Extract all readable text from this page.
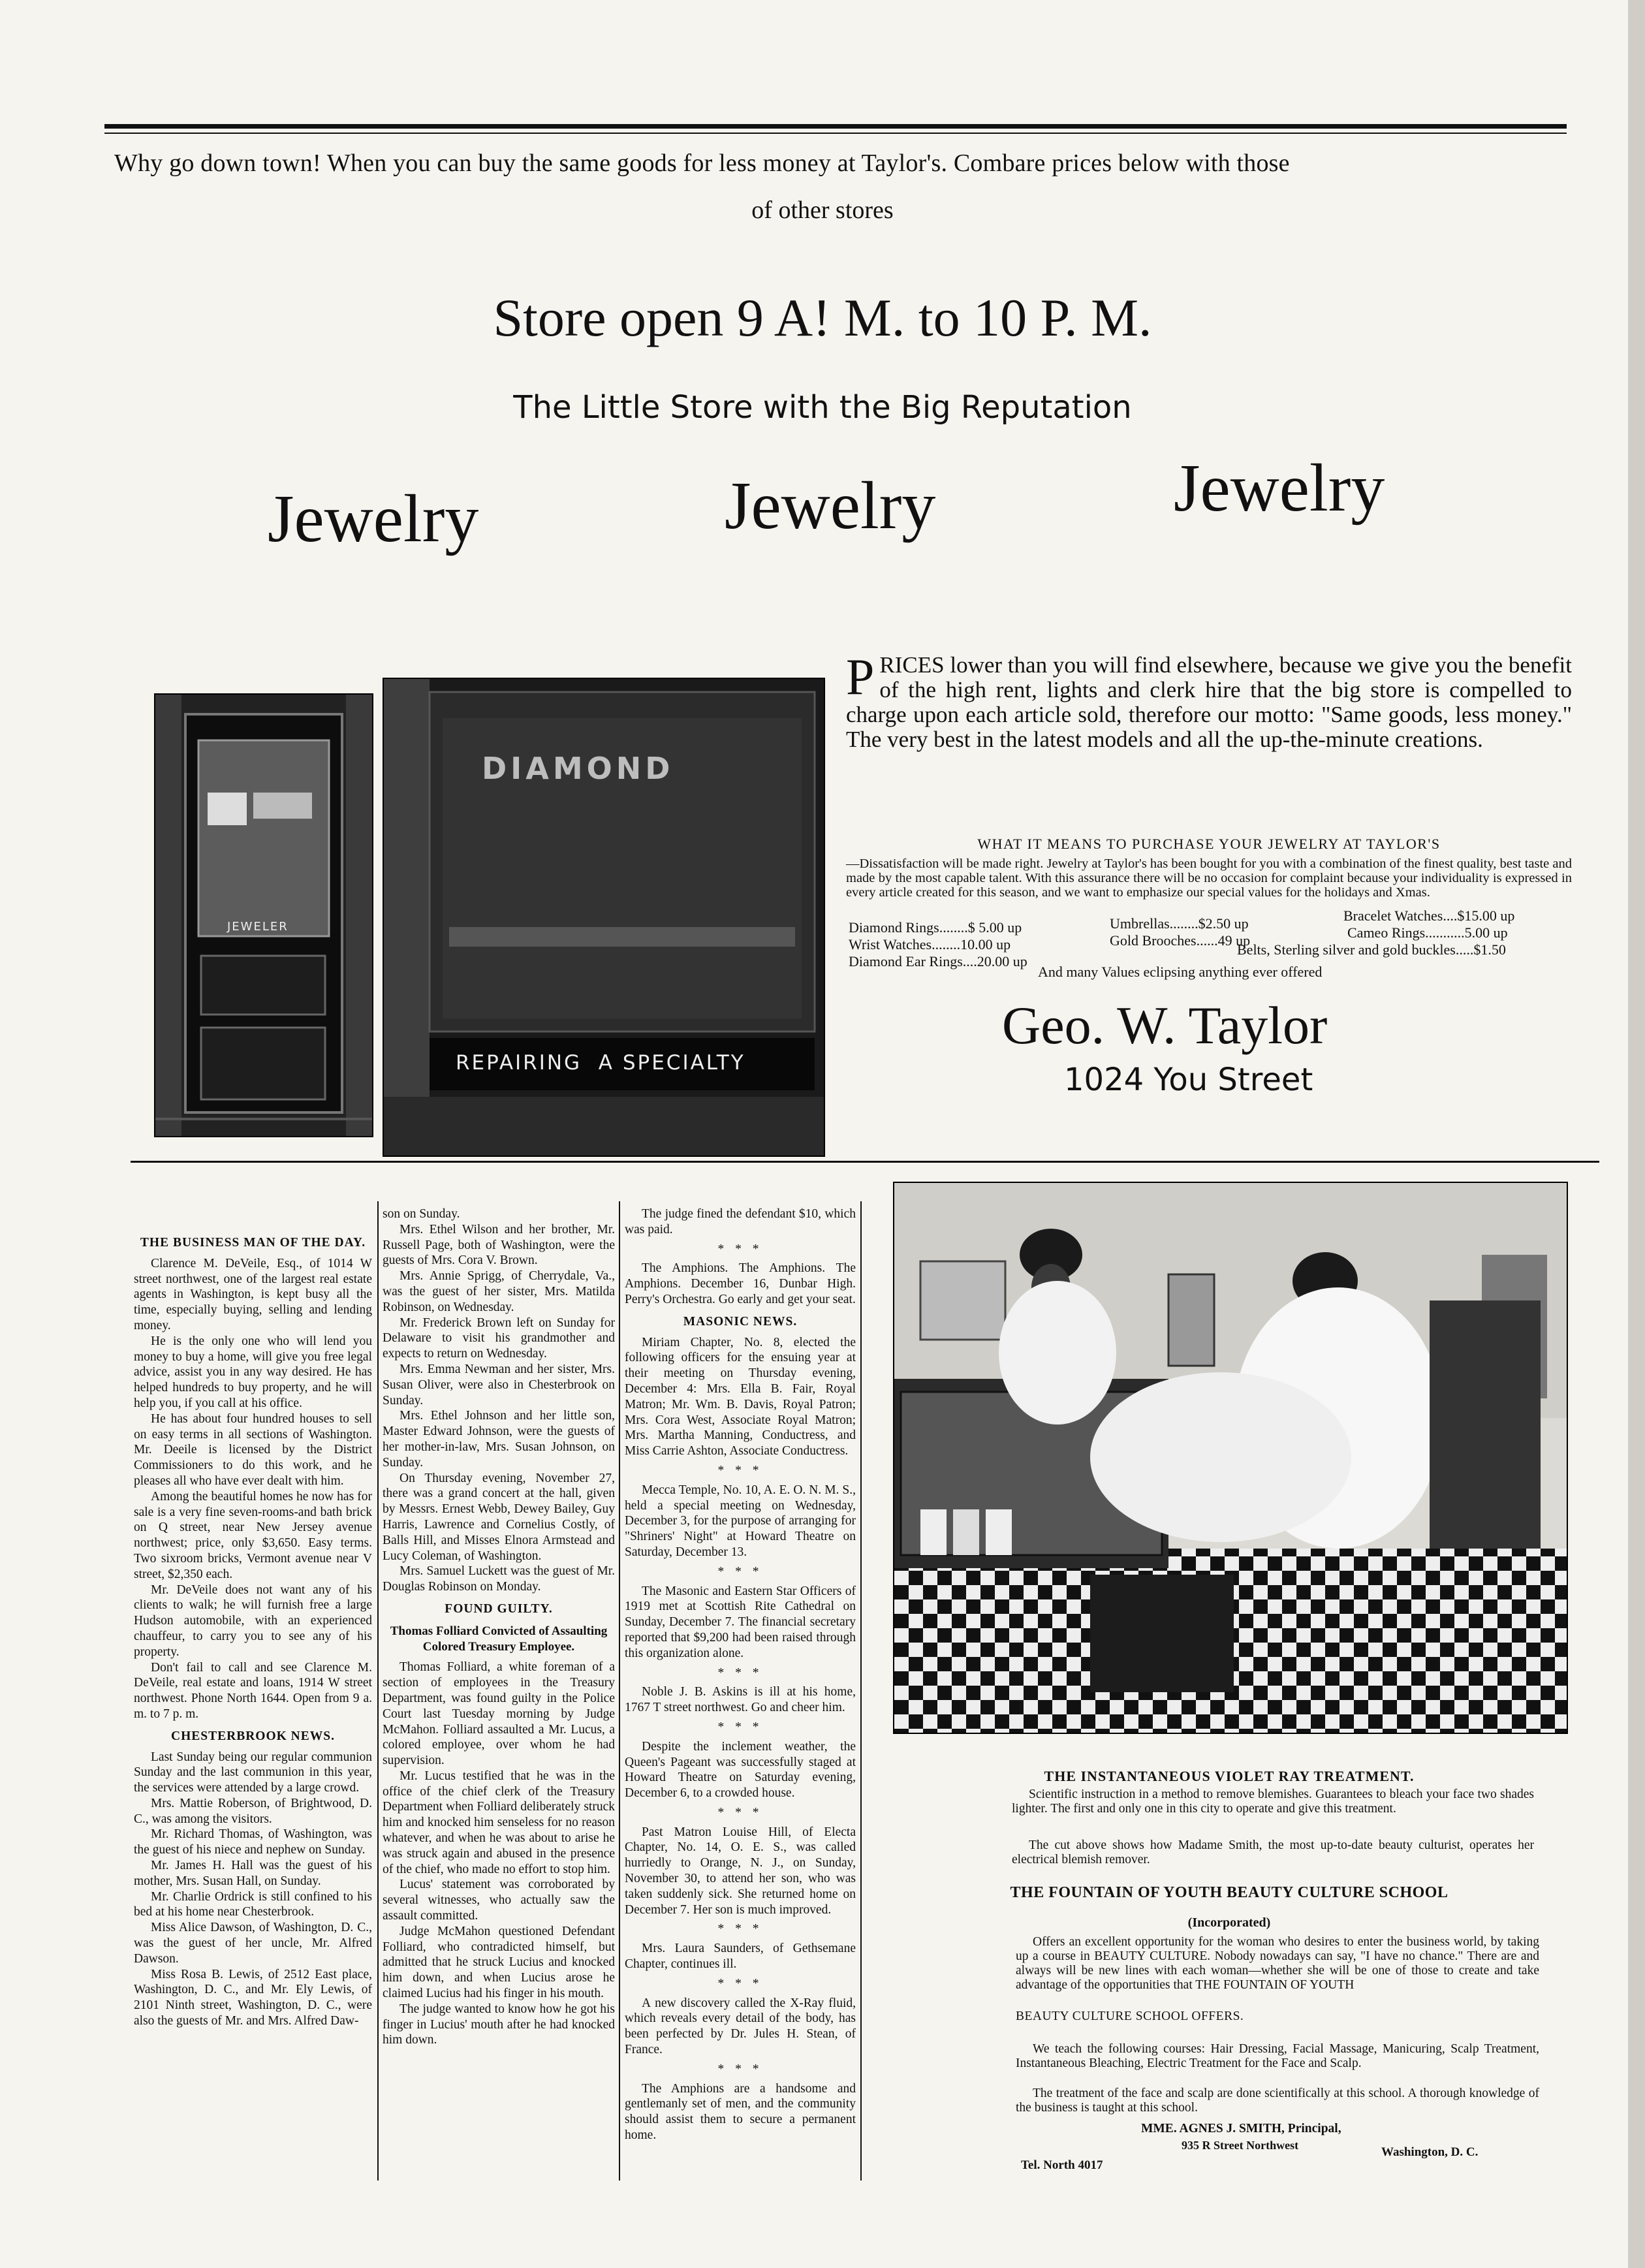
Why go down town! When you can buy the same goods for less money at Taylor's. Combare prices below with those
of other stores
Store open 9 A! M. to 10 P. M.
The Little Store with the Big Reputation
Jewelry	Jewelry	Jewelry
JEWELER
DIAMOND
REPAIRING  A SPECIALTY
P RICES lower than you will find elsewhere, because we give you the benefit of the high rent, lights and clerk hire that the big store is compelled to charge upon each article sold, therefore our motto: "Same goods, less money." The very best in the latest models and all the up-the-minute creations.
WHAT IT MEANS TO PURCHASE YOUR JEWELRY AT TAYLOR'S
—Dissatisfaction will be made right. Jewelry at Taylor's has been bought for you with a combination of the finest quality, best taste and made by the most capable talent. With this assurance there will be no occasion for complaint because your individuality is expressed in every article created for this season, and we want to emphasize our special values for the holidays and Xmas.
Diamond Rings........$ 5.00 up	Umbrellas........$2.50 up	Bracelet Watches....$15.00 up
Wrist Watches........10.00 up	Gold Brooches......49 up	Cameo Rings...........5.00 up
Diamond Ear Rings....20.00 up
Belts, Sterling silver and gold buckles.....$1.50
And many Values eclipsing anything ever offered
Geo. W. Taylor
1024 You Street

THE BUSINESS MAN OF THE DAY.

Clarence M. DeVeile, Esq., of 1014 W street northwest, one of the largest real estate agents in Washington, is kept busy all the time, especially buying, selling and lending money.

He is the only one who will lend you money to buy a home, will give you free legal advice, assist you in any way desired. He has helped hundreds to buy property, and he will help you, if you call at his office.

He has about four hundred houses to sell on easy terms in all sections of Washington. Mr. Deeile is licensed by the District Commissioners to do this work, and he pleases all who have ever dealt with him.

Among the beautiful homes he now has for sale is a very fine seven-rooms-and bath brick on Q street, near New Jersey avenue northwest; price, only $3,650. Easy terms. Two sixroom bricks, Vermont avenue near V street, $2,350 each.

Mr. DeVeile does not want any of his clients to walk; he will furnish free a large Hudson automobile, with an experienced chauffeur, to carry you to see any of his property.

Don't fail to call and see Clarence M. DeVeile, real estate and loans, 1914 W street northwest. Phone North 1644. Open from 9 a. m. to 7 p. m.

CHESTERBROOK NEWS.

Last Sunday being our regular communion Sunday and the last communion in this year, the services were attended by a large crowd.

Mrs. Mattie Roberson, of Brightwood, D. C., was among the visitors.

Mr. Richard Thomas, of Washington, was the guest of his niece and nephew on Sunday.

Mr. James H. Hall was the guest of his mother, Mrs. Susan Hall, on Sunday.

Mr. Charlie Ordrick is still confined to his bed at his home near Chesterbrook.

Miss Alice Dawson, of Washington, D. C., was the guest of her uncle, Mr. Alfred Dawson.

Miss Rosa B. Lewis, of 2512 East place, Washington, D. C., and Mr. Ely Lewis, of 2101 Ninth street, Washington, D. C., were also the guests of Mr. and Mrs. Alfred Daw-

son on Sunday.

Mrs. Ethel Wilson and her brother, Mr. Russell Page, both of Washington, were the guests of Mrs. Cora V. Brown.

Mrs. Annie Sprigg, of Cherrydale, Va., was the guest of her sister, Mrs. Matilda Robinson, on Wednesday.

Mr. Frederick Brown left on Sunday for Delaware to visit his grandmother and expects to return on Wednesday.

Mrs. Emma Newman and her sister, Mrs. Susan Oliver, were also in Chesterbrook on Sunday.

Mrs. Ethel Johnson and her little son, Master Edward Johnson, were the guests of her mother-in-law, Mrs. Susan Johnson, on Sunday.

On Thursday evening, November 27, there was a grand concert at the hall, given by Messrs. Ernest Webb, Dewey Bailey, Guy Harris, Lawrence and Cornelius Costly, of Balls Hill, and Misses Elnora Armstead and Lucy Coleman, of Washington.

Mrs. Samuel Luckett was the guest of Mr. Douglas Robinson on Monday.

FOUND GUILTY.

Thomas Folliard Convicted of Assaulting Colored Treasury Employee.

Thomas Folliard, a white foreman of a section of employees in the Treasury Department, was found guilty in the Police Court last Tuesday morning by Judge McMahon. Folliard assaulted a Mr. Lucus, a colored employee, over whom he had supervision.

Mr. Lucus testified that he was in the office of the chief clerk of the Treasury Department when Folliard deliberately struck him and knocked him senseless for no reason whatever, and when he was about to arise he was struck again and abused in the presence of the chief, who made no effort to stop him.

Lucus' statement was corroborated by several witnesses, who actually saw the assault committed.

Judge McMahon questioned Defendant Folliard, who contradicted himself, but admitted that he struck Lucius and knocked him down, and when Lucius arose he claimed Lucius had his finger in his mouth.

The judge wanted to know how he got his finger in Lucius' mouth after he had knocked him down.

The judge fined the defendant $10, which was paid.

* * *

The Amphions. The Amphions. The Amphions. December 16, Dunbar High. Perry's Orchestra. Go early and get your seat.

MASONIC NEWS.

Miriam Chapter, No. 8, elected the following officers for the ensuing year at their meeting on Thursday evening, December 4: Mrs. Ella B. Fair, Royal Matron; Mr. Wm. B. Davis, Royal Patron; Mrs. Cora West, Associate Royal Matron; Mrs. Martha Manning, Conductress, and Miss Carrie Ashton, Associate Conductress.

* * *

Mecca Temple, No. 10, A. E. O. N. M. S., held a special meeting on Wednesday, December 3, for the purpose of arranging for "Shriners' Night" at Howard Theatre on Saturday, December 13.

* * *

The Masonic and Eastern Star Officers of 1919 met at Scottish Rite Cathedral on Sunday, December 7. The financial secretary reported that $9,200 had been raised through this organization alone.

* * *

Noble J. B. Askins is ill at his home, 1767 T street northwest. Go and cheer him.

* * *

Despite the inclement weather, the Queen's Pageant was successfully staged at Howard Theatre on Saturday evening, December 6, to a crowded house.

* * *

Past Matron Louise Hill, of Electa Chapter, No. 14, O. E. S., was called hurriedly to Orange, N. J., on Sunday, November 30, to attend her son, who was taken suddenly sick. She returned home on December 7. Her son is much improved.

* * *

Mrs. Laura Saunders, of Gethsemane Chapter, continues ill.

* * *

A new discovery called the X-Ray fluid, which reveals every detail of the body, has been perfected by Dr. Jules H. Stean, of France.

* * *

The Amphions are a handsome and gentlemanly set of men, and the community should assist them to secure a permanent home.

THE INSTANTANEOUS VIOLET RAY TREATMENT.
Scientific instruction in a method to remove blemishes. Guarantees to bleach your face two shades lighter. The first and only one in this city to operate and give this treatment.
The cut above shows how Madame Smith, the most up-to-date beauty culturist, operates her electrical blemish remover.
THE FOUNTAIN OF YOUTH BEAUTY CULTURE SCHOOL
(Incorporated)
Offers an excellent opportunity for the woman who desires to enter the business world, by taking up a course in BEAUTY CULTURE. Nobody nowadays can say, "I have no chance." There are and always will be new lines with each woman—whether she will be one of those to create and take advantage of the opportunities that THE FOUNTAIN OF YOUTH
BEAUTY CULTURE SCHOOL OFFERS.
We teach the following courses: Hair Dressing, Facial Massage, Manicuring, Scalp Treatment, Instantaneous Bleaching, Electric Treatment for the Face and Scalp.
The treatment of the face and scalp are done scientifically at this school. A thorough knowledge of the business is taught at this school.
MME. AGNES J. SMITH, Principal,
935 R Street Northwest
Tel. North 4017
Washington, D. C.
